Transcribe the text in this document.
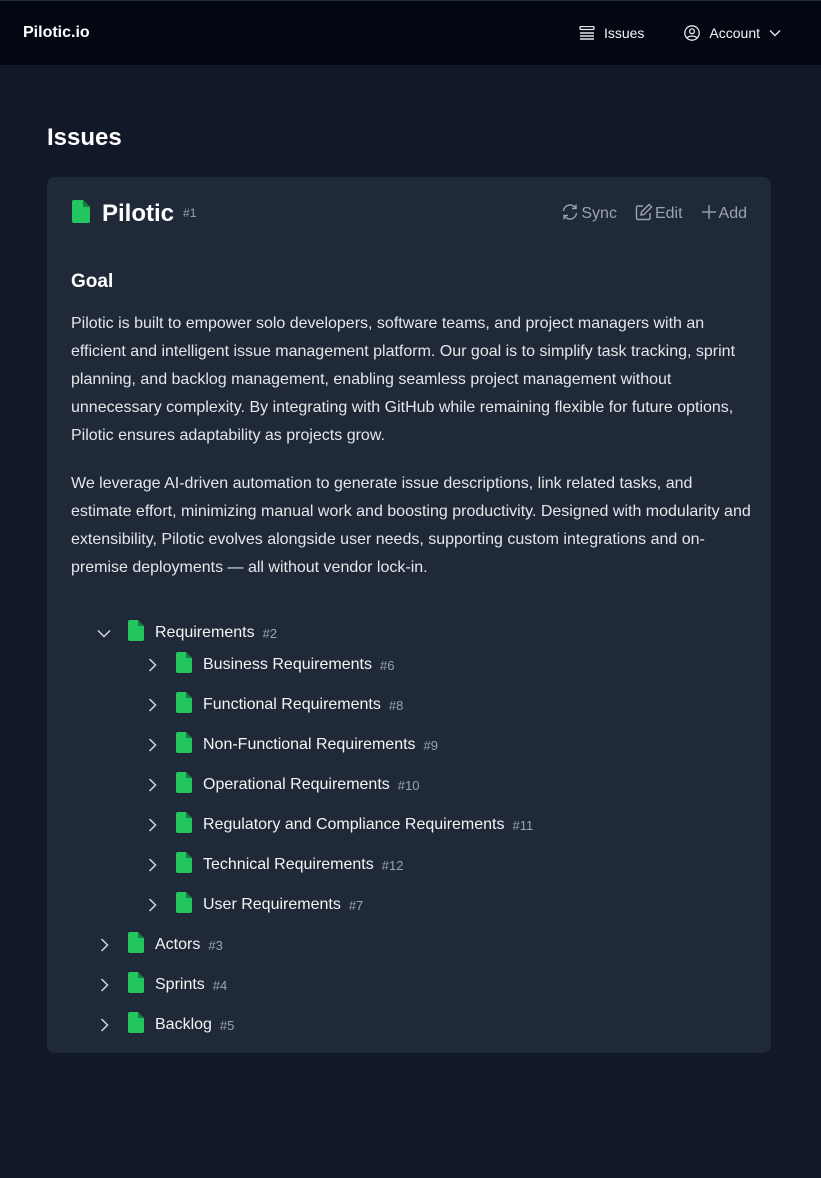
Pilotic.io	Issues	Account
Issues
Pilotic #1	Sync Edit Add
Goal

Pilotic is built to empower solo developers, software teams, and project managers with an efficient and intelligent issue management platform. Our goal is to simplify task tracking, sprint planning, and backlog management, enabling seamless project management without unnecessary complexity. By integrating with GitHub while remaining flexible for future options, Pilotic ensures adaptability as projects grow.

We leverage AI-driven automation to generate issue descriptions, link related tasks, and estimate effort, minimizing manual work and boosting productivity. Designed with modularity and extensibility, Pilotic evolves alongside user needs, supporting custom integrations and on-premise deployments — all without vendor lock-in.

Requirements #2
Business Requirements #6
Functional Requirements #8
Non-Functional Requirements #9
Operational Requirements #10
Regulatory and Compliance Requirements #11
Technical Requirements #12
User Requirements #7
Actors #3
Sprints #4
Backlog #5
